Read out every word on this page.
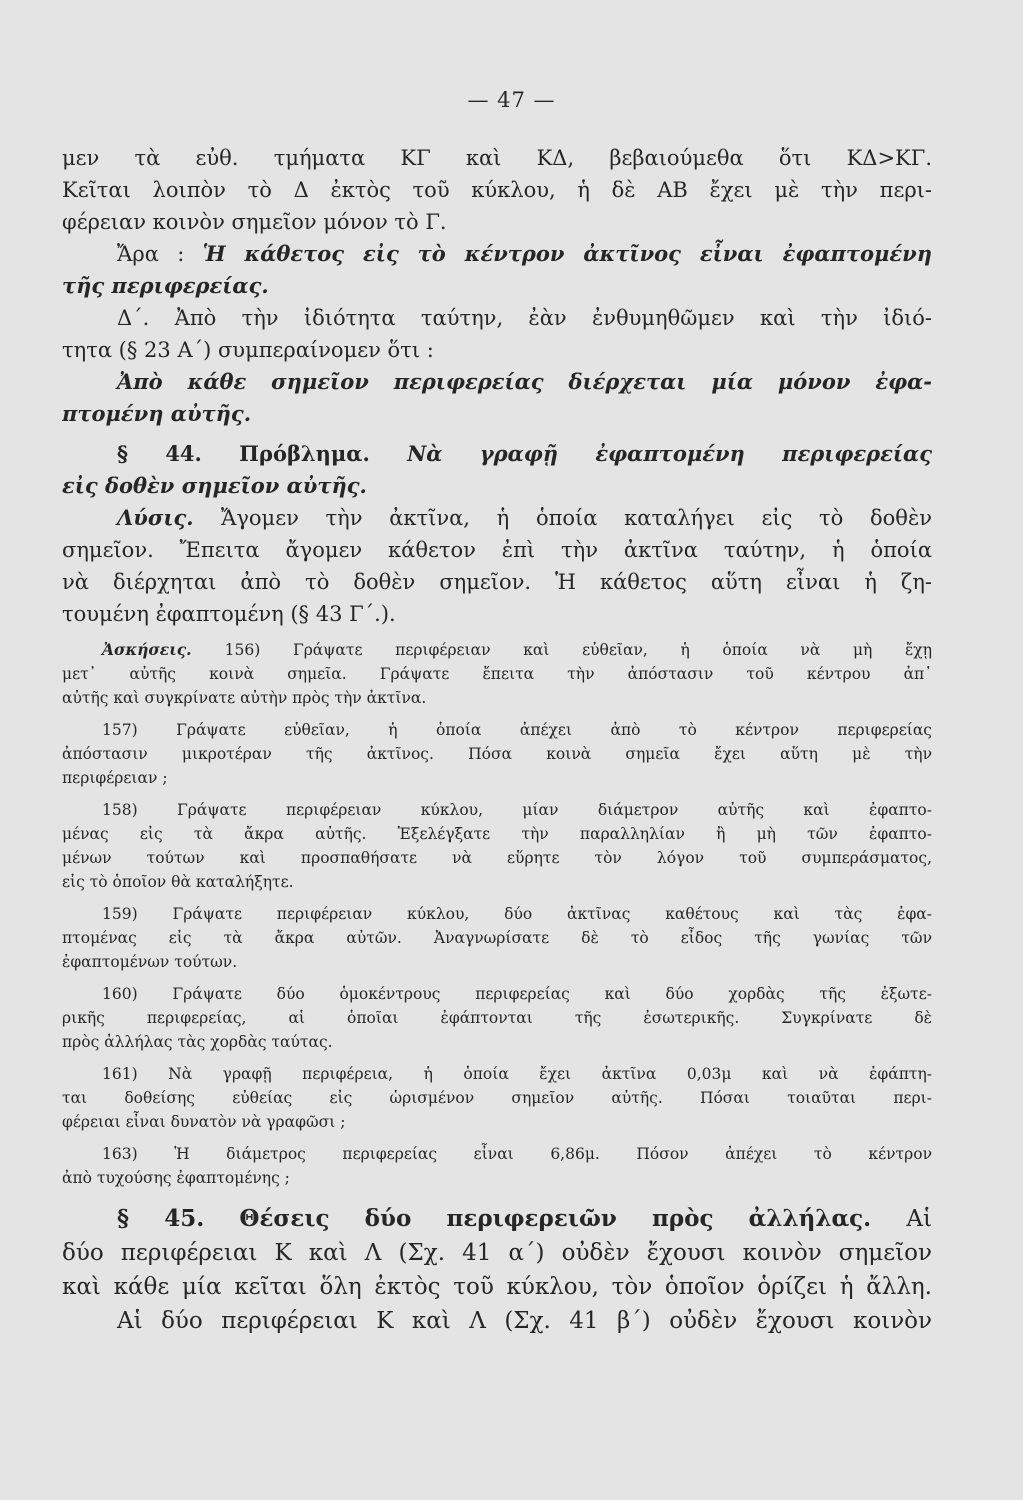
— 47 —
μεν τὰ εὐθ. τμήματα ΚΓ καὶ ΚΔ, βεβαιούμεθα ὅτι ΚΔ>ΚΓ.
Κεῖται λοιπὸν τὸ Δ ἐκτὸς τοῦ κύκλου, ἡ δὲ ΑΒ ἔχει μὲ τὴν περι-
φέρειαν κοινὸν σημεῖον μόνον τὸ Γ.
Ἄρα : Ἡ κάθετος εἰς τὸ κέντρον ἀκτῖνος εἶναι ἐφαπτομένη
τῆς περιφερείας.
Δ΄. Ἀπὸ τὴν ἰδιότητα ταύτην, ἐὰν ἐνθυμηθῶμεν καὶ τὴν ἰδιό-
τητα (§ 23 Α΄) συμπεραίνομεν ὅτι :
Ἀπὸ κάθε σημεῖον περιφερείας διέρχεται μία μόνον ἐφα-
πτομένη αὐτῆς.
§ 44. Πρόβλημα. Νὰ γραφῇ ἐφαπτομένη περιφερείας
εἰς δοθὲν σημεῖον αὐτῆς.
Λύσις. Ἄγομεν τὴν ἀκτῖνα, ἡ ὁποία καταλήγει εἰς τὸ δοθὲν
σημεῖον. Ἔπειτα ἄγομεν κάθετον ἐπὶ τὴν ἀκτῖνα ταύτην, ἡ ὁποία
νὰ διέρχηται ἀπὸ τὸ δοθὲν σημεῖον. Ἡ κάθετος αὕτη εἶναι ἡ ζη-
τουμένη ἐφαπτομένη (§ 43 Γ΄.).
Ἀσκήσεις. 156) Γράψατε περιφέρειαν καὶ εὐθεῖαν, ἡ ὁποία νὰ μὴ ἔχῃ
μετ᾽ αὐτῆς κοινὰ σημεῖα. Γράψατε ἔπειτα τὴν ἀπόστασιν τοῦ κέντρου ἀπ᾽
αὐτῆς καὶ συγκρίνατε αὐτὴν πρὸς τὴν ἀκτῖνα.
157) Γράψατε εὐθεῖαν, ἡ ὁποία ἀπέχει ἀπὸ τὸ κέντρον περιφερείας
ἀπόστασιν μικροτέραν τῆς ἀκτῖνος. Πόσα κοινὰ σημεῖα ἔχει αὕτη μὲ τὴν
περιφέρειαν ;
158) Γράψατε περιφέρειαν κύκλου, μίαν διάμετρον αὐτῆς καὶ ἐφαπτο-
μένας εἰς τὰ ἄκρα αὐτῆς. Ἐξελέγξατε τὴν παραλληλίαν ἢ μὴ τῶν ἐφαπτο-
μένων τούτων καὶ προσπαθήσατε νὰ εὕρητε τὸν λόγον τοῦ συμπεράσματος,
εἰς τὸ ὁποῖον θὰ καταλήξητε.
159) Γράψατε περιφέρειαν κύκλου, δύο ἀκτῖνας καθέτους καὶ τὰς ἐφα-
πτομένας εἰς τὰ ἄκρα αὐτῶν. Ἀναγνωρίσατε δὲ τὸ εἶδος τῆς γωνίας τῶν
ἐφαπτομένων τούτων.
160) Γράψατε δύο ὁμοκέντρους περιφερείας καὶ δύο χορδὰς τῆς ἐξωτε-
ρικῆς περιφερείας, αἱ ὁποῖαι ἐφάπτονται τῆς ἐσωτερικῆς. Συγκρίνατε δὲ
πρὸς ἀλλήλας τὰς χορδὰς ταύτας.
161) Νὰ γραφῇ περιφέρεια, ἡ ὁποία ἔχει ἀκτῖνα 0,03μ καὶ νὰ ἐφάπτη-
ται δοθείσης εὐθείας εἰς ὡρισμένον σημεῖον αὐτῆς. Πόσαι τοιαῦται περι-
φέρειαι εἶναι δυνατὸν νὰ γραφῶσι ;
163) Ἡ διάμετρος περιφερείας εἶναι 6,86μ. Πόσον ἀπέχει τὸ κέντρον
ἀπὸ τυχούσης ἐφαπτομένης ;
§ 45. Θέσεις δύο περιφερειῶν πρὸς ἀλλήλας. Αἱ
δύο περιφέρειαι Κ καὶ Λ (Σχ. 41 α΄) οὐδὲν ἔχουσι κοινὸν σημεῖον
καὶ κάθε μία κεῖται ὅλη ἐκτὸς τοῦ κύκλου, τὸν ὁποῖον ὁρίζει ἡ ἄλλη.
Αἱ δύο περιφέρειαι Κ καὶ Λ (Σχ. 41 β΄) οὐδὲν ἔχουσι κοινὸν
